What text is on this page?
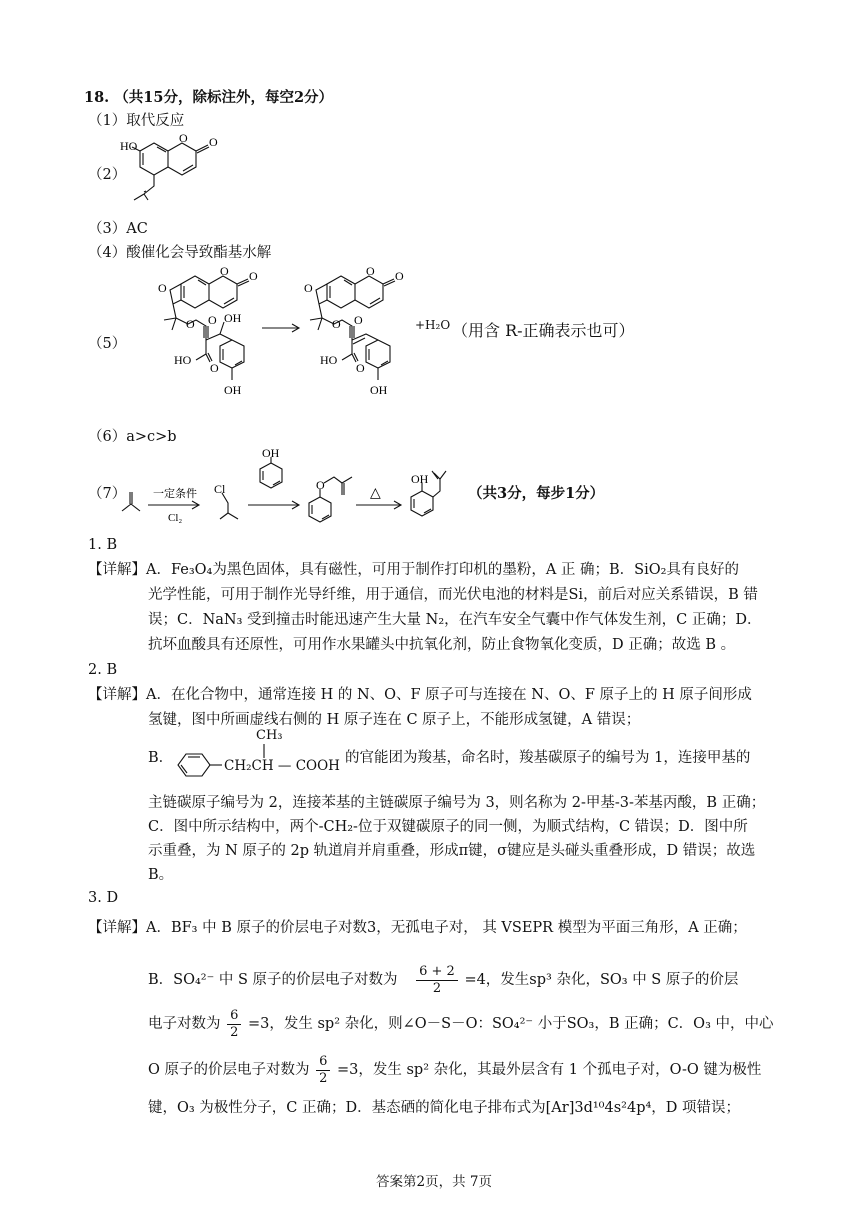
18. （共15分，除标注外，每空2分）
（1）取代反应
（2）
HO
O O
（3）AC
（4）酸催化会导致酯基水解
（5）
O O
O
O O OH
HO
O
OH
O O
O
O O
HO
O
OH
+H₂O （用含 R-正确表示也可）
（6）a>c>b
（7） 一定条件
Cl₂
Cl
OH
O
△
OH
（共3分，每步1分）
1. B
【详解】A．Fe₃O₄为黑色固体，具有磁性，可用于制作打印机的墨粉，A 正 确；B．SiO₂具有良好的
光学性能，可用于制作光导纤维，用于通信，而光伏电池的材料是Si，前后对应关系错误，B 错
误；C．NaN₃ 受到撞击时能迅速产生大量 N₂，在汽车安全气囊中作气体发生剂，C 正确；D．
抗坏血酸具有还原性，可用作水果罐头中抗氧化剂，防止食物氧化变质，D 正确；故选 B 。
2. B
【详解】A．在化合物中，通常连接 H 的 N、O、F 原子可与连接在 N、O、F 原子上的 H 原子间形成
氢键，图中所画虚线右侧的 H 原子连在 C 原子上，不能形成氢键，A 错误；
B．
CH₃
CH₂CH — COOH 的官能团为羧基，命名时，羧基碳原子的编号为 1，连接甲基的
主链碳原子编号为 2，连接苯基的主链碳原子编号为 3，则名称为 2-甲基-3-苯基丙酸，B 正确；
C．图中所示结构中，两个-CH₂-位于双键碳原子的同一侧，为顺式结构，C 错误；D．图中所
示重叠，为 N 原子的 2p 轨道肩并肩重叠，形成π键，σ键应是头碰头重叠形成，D 错误；故选
B。
3. D
【详解】A．BF₃ 中 B 原子的价层电子对数3，无孤电子对， 其 VSEPR 模型为平面三角形，A 正确；
B．SO₄²⁻ 中 S 原子的价层电子对数为 $\frac{6 + 2}{2} =4$，发生sp³ 杂化，SO₃ 中 S 原子的价层
电子对数为 $\frac{6}{2} =3$，发生 sp² 杂化，则∠O－S－O：SO₄²⁻ 小于SO₃，B 正确；C．O₃ 中，中心
O 原子的价层电子对数为 $\frac{6}{2} =3$，发生 sp² 杂化，其最外层含有 1 个孤电子对，O-O 键为极性
键，O₃ 为极性分子，C 正确；D．基态硒的简化电子排布式为[Ar]3d¹⁰4s²4p⁴，D 项错误；
答案第2页，共 7页
